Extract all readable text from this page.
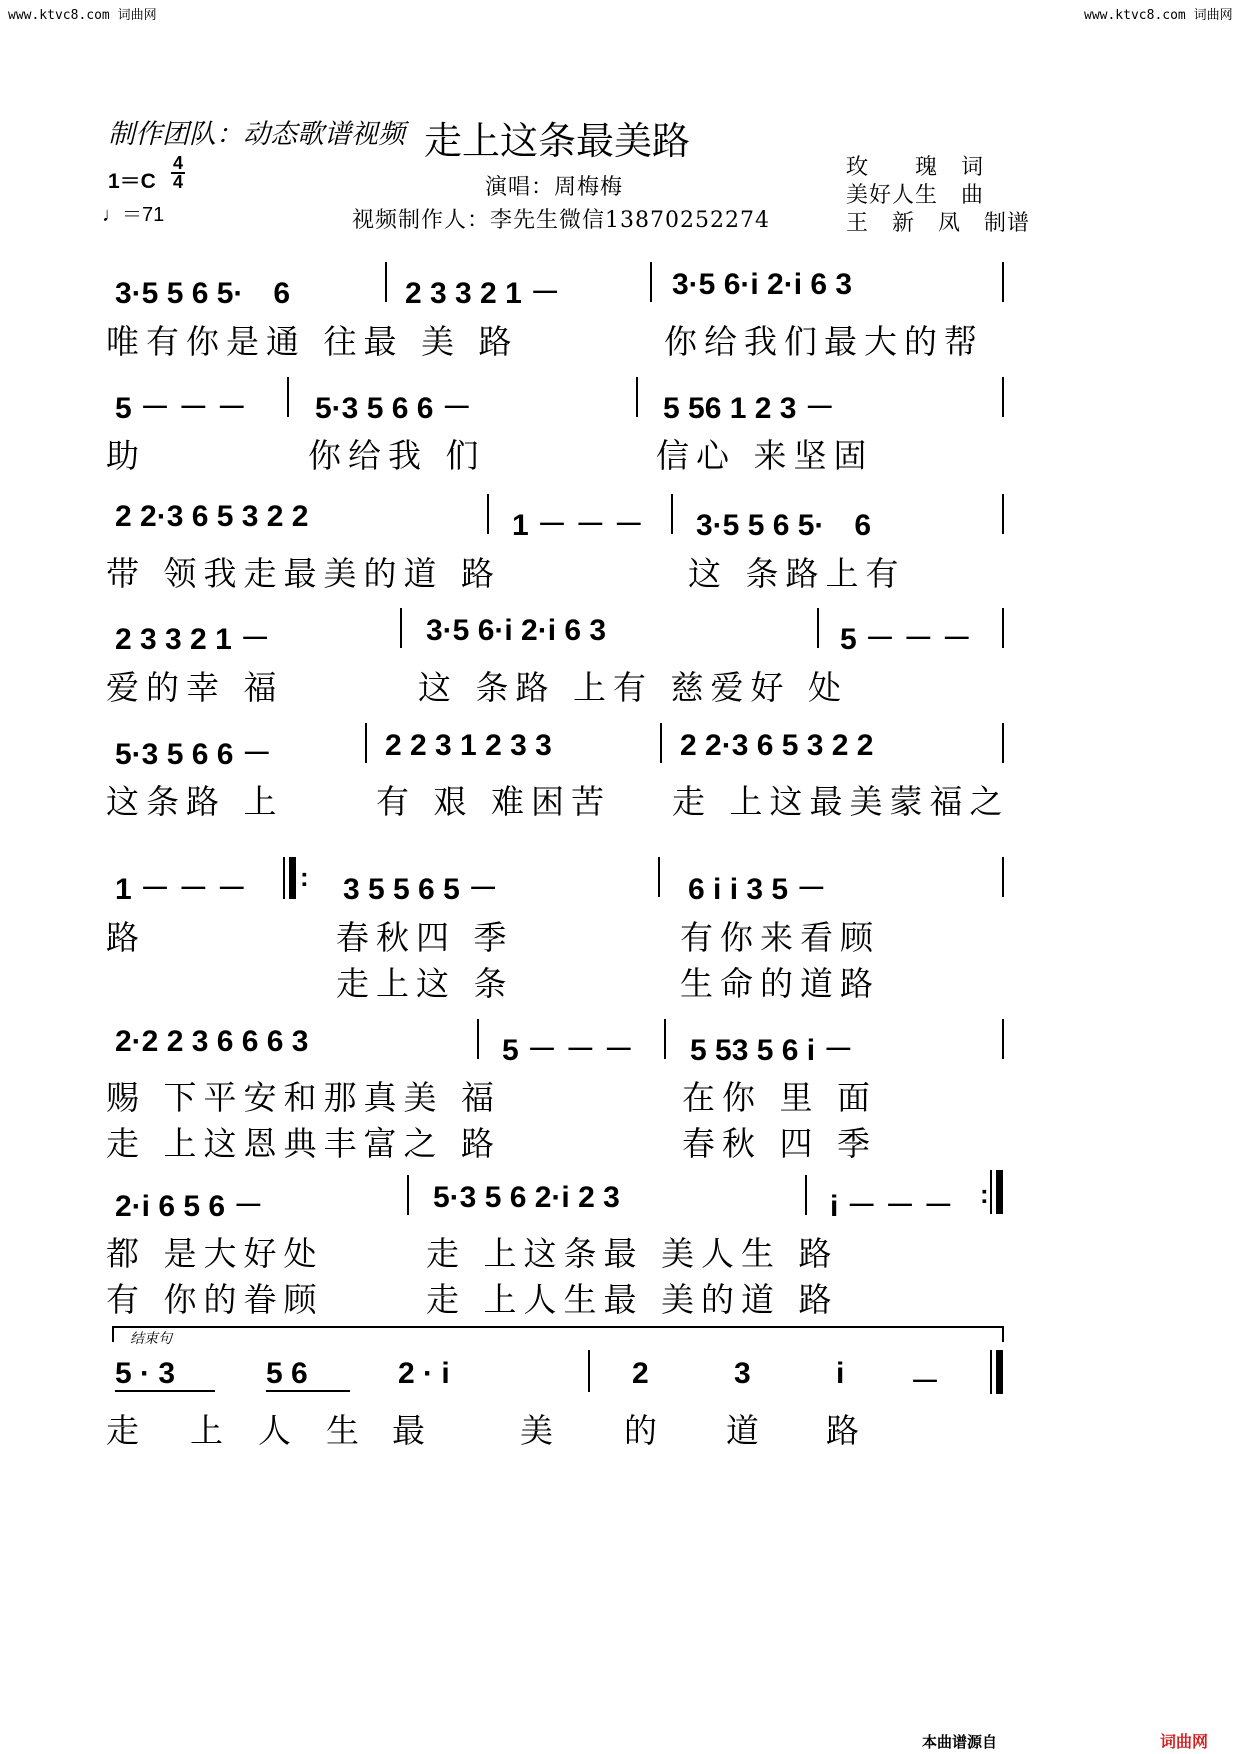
www.ktvc8.com 词曲网	www.ktvc8.com 词曲网
制作团队：动态歌谱视频 走上这条最美路
1＝C
4
4
♩＝71
演唱：周梅梅
视频制作人：李先生微信13870252274
玫　　瑰　词
美好人生　曲
王　新　凤　制谱
3·5 5 6 5·　6	2 3 3 2 1 －	3·5 6·i 2·i 6 3
唯有你是通 往最 美 路	你给我们最大的帮
5 － － － 5·3 5 6 6 －	5 56 1 2 3 －
助	你给我 们	信心 来坚固
2 2·3 6 5 3 2 2	1 － － － 3·5 5 6 5·　6
带 领我走最美的道 路	这 条路上有
2 3 3 2 1 －	3·5 6·i 2·i 6 3	5 － － －
爱的幸 福	这 条路 上有 慈爱好 处
5·3 5 6 6 －	2 2 3 1 2 3 3	2 2·3 6 5 3 2 2
这条路 上	有 艰 难困苦 走 上这最美蒙福之
1 － － － : 3 5 5 6 5 －	6 i i 3 5 －
路	春秋四 季	有你来看顾
走上这 条	生命的道路
2·2 2 3 6 6 6 3	5 － － － 5 53 5 6 i －
赐 下平安和那真美 福	在你 里 面
走 上这恩典丰富之 路	春秋 四 季
2·i 6 5 6 －	5·3 5 6 2·i 2 3	i － － － :
都 是大好处	走 上这条最 美人生 路
有 你的眷顾	走 上人生最 美的道 路
结束句
5 · 3	5 6	2 · i	2	3	i －
走 上 人 生 最	美 的 道 路
本曲谱源自	词曲网
